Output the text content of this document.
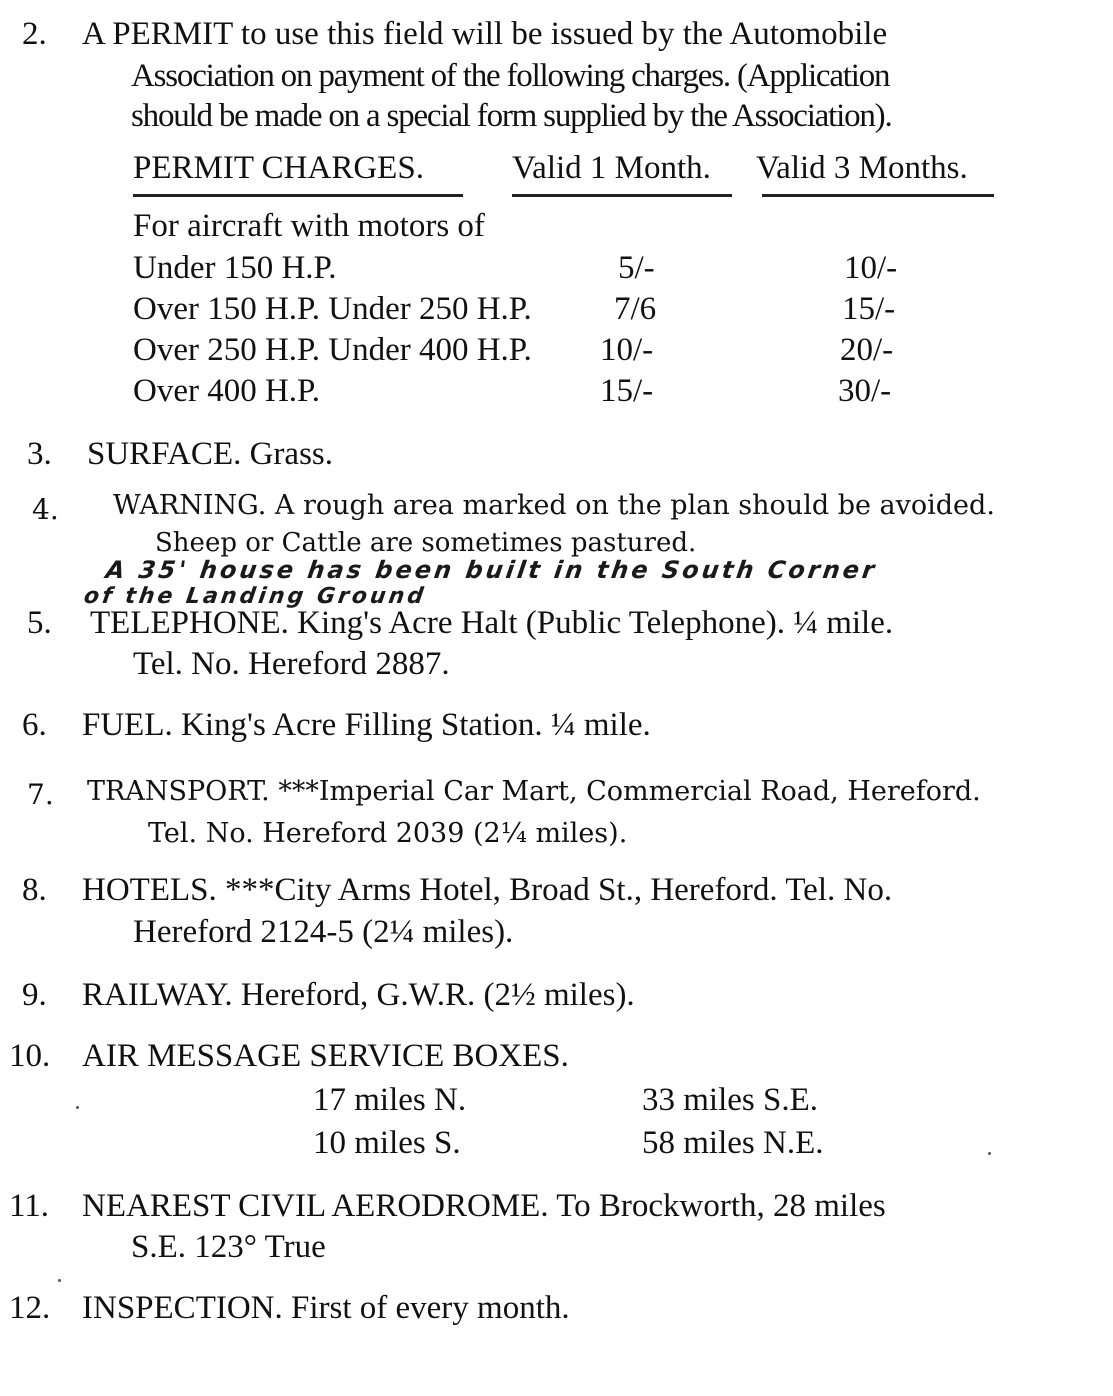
2. A PERMIT to use this field will be issued by the Automobile
Association on payment of the following charges. (Application
should be made on a special form supplied by the Association).
PERMIT CHARGES.	Valid 1 Month. Valid 3 Months.
For aircraft with motors of
Under 150 H.P.	5/-	10/-
Over 150 H.P. Under 250 H.P. 7/6	15/-
Over 250 H.P. Under 400 H.P. 10/-	20/-
Over 400 H.P.	15/-	30/-
3. SURFACE. Grass.
4. WARNING. A rough area marked on the plan should be avoided.
Sheep or Cattle are sometimes pastured.
A 35' house has been built in the South Corner
of the Landing Ground
5. TELEPHONE. King's Acre Halt (Public Telephone). ¼ mile.
Tel. No. Hereford 2887.
6. FUEL. King's Acre Filling Station. ¼ mile.
7. TRANSPORT. ***Imperial Car Mart, Commercial Road, Hereford.
Tel. No. Hereford 2039 (2¼ miles).
8. HOTELS. ***City Arms Hotel, Broad St., Hereford. Tel. No.
Hereford 2124-5 (2¼ miles).
9. RAILWAY. Hereford, G.W.R. (2½ miles).
10. AIR MESSAGE SERVICE BOXES.
17 miles N.	33 miles S.E.
10 miles S.	58 miles N.E.
11. NEAREST CIVIL AERODROME. To Brockworth, 28 miles
S.E. 123° True
12. INSPECTION. First of every month.
